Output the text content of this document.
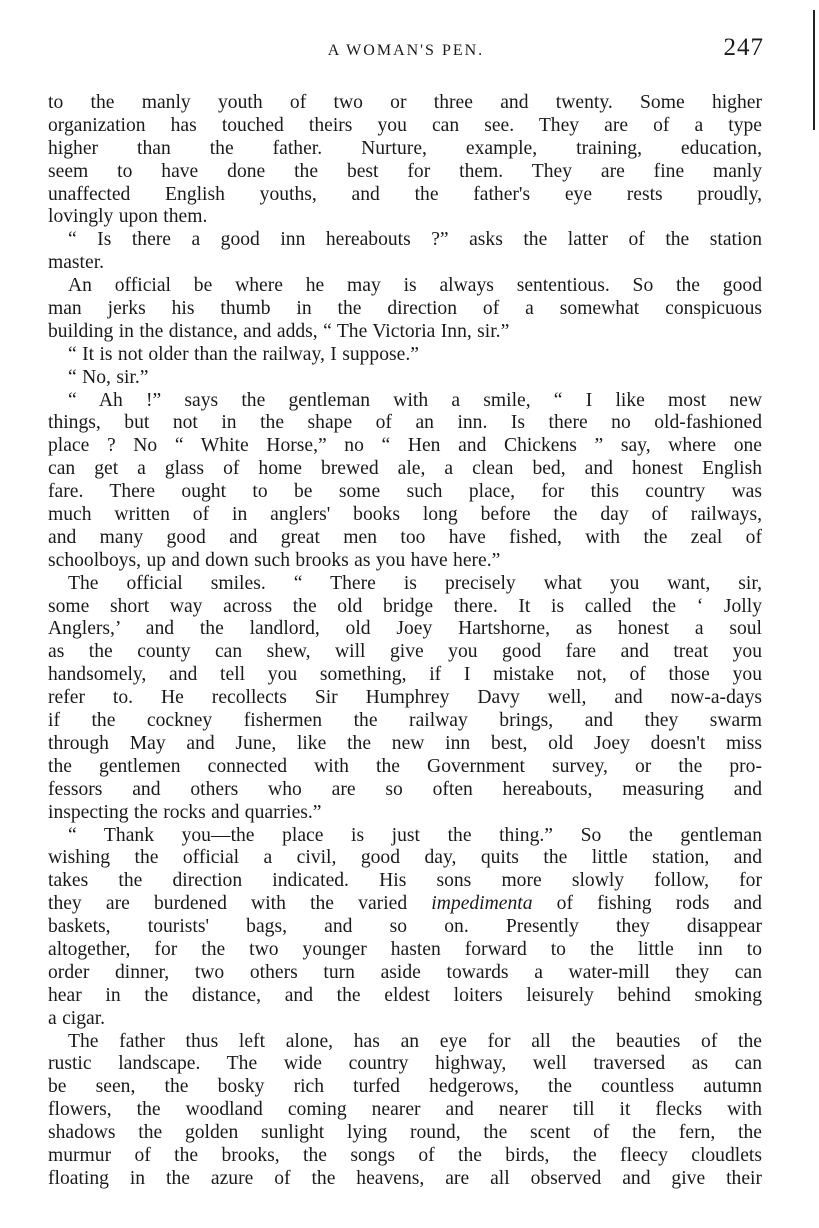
A WOMAN'S PEN.	247
to the manly youth of two or three and twenty. Some higher
organization has touched theirs you can see. They are of a type
higher than the father. Nurture, example, training, education,
seem to have done the best for them. They are fine manly
unaffected English youths, and the father's eye rests proudly,
lovingly upon them.
“ Is there a good inn hereabouts ?” asks the latter of the station
master.
An official be where he may is always sententious. So the good
man jerks his thumb in the direction of a somewhat conspicuous
building in the distance, and adds, “ The Victoria Inn, sir.”
“ It is not older than the railway, I suppose.”
“ No, sir.”
“ Ah !” says the gentleman with a smile, “ I like most new
things, but not in the shape of an inn. Is there no old-fashioned
place ? No “ White Horse,” no “ Hen and Chickens ” say, where one
can get a glass of home brewed ale, a clean bed, and honest English
fare. There ought to be some such place, for this country was
much written of in anglers' books long before the day of railways,
and many good and great men too have fished, with the zeal of
schoolboys, up and down such brooks as you have here.”
The official smiles. “ There is precisely what you want, sir,
some short way across the old bridge there. It is called the ‘ Jolly
Anglers,’ and the landlord, old Joey Hartshorne, as honest a soul
as the county can shew, will give you good fare and treat you
handsomely, and tell you something, if I mistake not, of those you
refer to. He recollects Sir Humphrey Davy well, and now-a-days
if the cockney fishermen the railway brings, and they swarm
through May and June, like the new inn best, old Joey doesn't miss
the gentlemen connected with the Government survey, or the pro-
fessors and others who are so often hereabouts, measuring and
inspecting the rocks and quarries.”
“ Thank you—the place is just the thing.” So the gentleman
wishing the official a civil, good day, quits the little station, and
takes the direction indicated. His sons more slowly follow, for
they are burdened with the varied impedimenta of fishing rods and
baskets, tourists' bags, and so on. Presently they disappear
altogether, for the two younger hasten forward to the little inn to
order dinner, two others turn aside towards a water-mill they can
hear in the distance, and the eldest loiters leisurely behind smoking
a cigar.
The father thus left alone, has an eye for all the beauties of the
rustic landscape. The wide country highway, well traversed as can
be seen, the bosky rich turfed hedgerows, the countless autumn
flowers, the woodland coming nearer and nearer till it flecks with
shadows the golden sunlight lying round, the scent of the fern, the
murmur of the brooks, the songs of the birds, the fleecy cloudlets
floating in the azure of the heavens, are all observed and give their
